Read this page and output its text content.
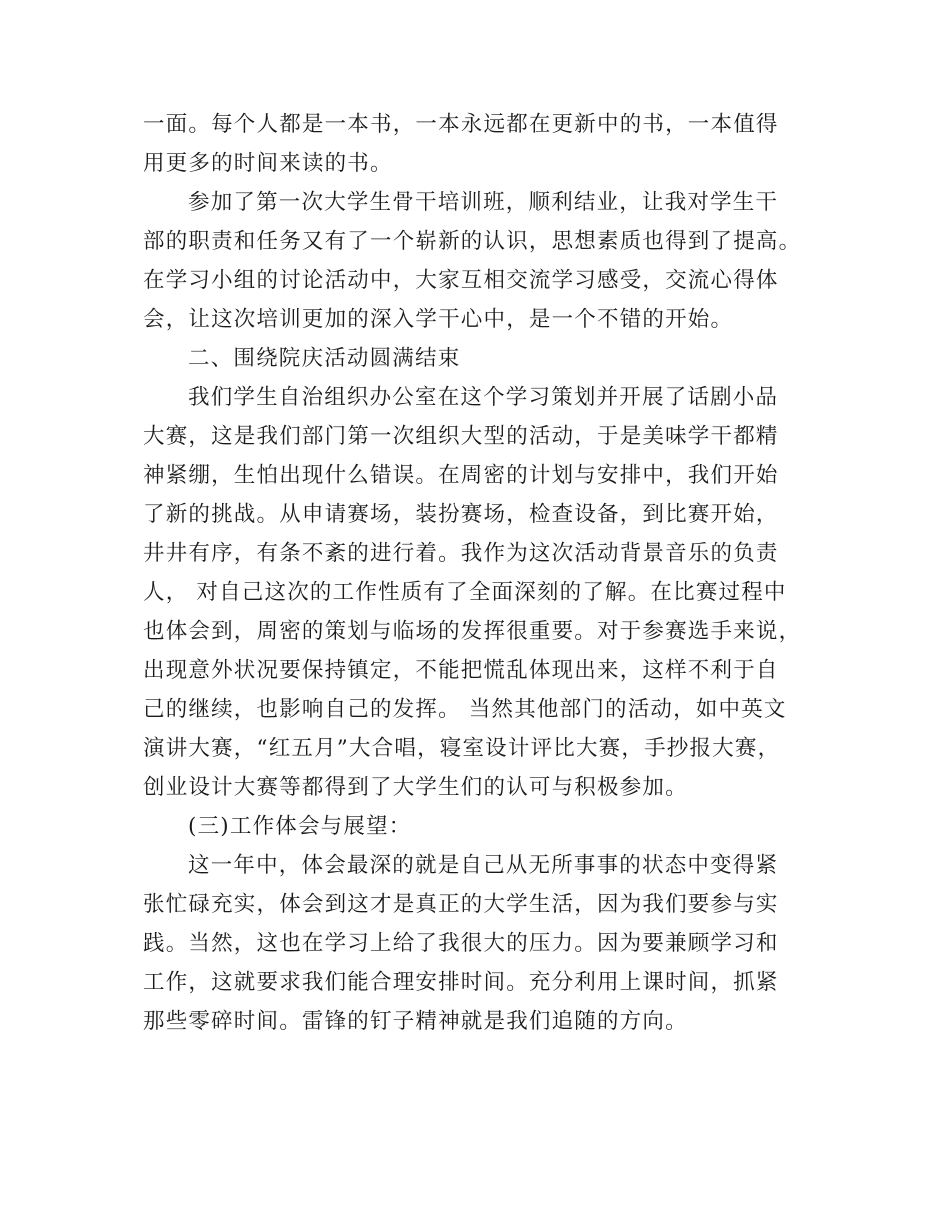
一面。每个人都是一本书，一本永远都在更新中的书，一本值得
用更多的时间来读的书。
参加了第一次大学生骨干培训班，顺利结业，让我对学生干
部的职责和任务又有了一个崭新的认识，思想素质也得到了提高。
在学习小组的讨论活动中，大家互相交流学习感受，交流心得体
会，让这次培训更加的深入学干心中，是一个不错的开始。
二、围绕院庆活动圆满结束
我们学生自治组织办公室在这个学习策划并开展了话剧小品
大赛，这是我们部门第一次组织大型的活动，于是美味学干都精
神紧绷，生怕出现什么错误。在周密的计划与安排中，我们开始
了新的挑战。从申请赛场，装扮赛场，检查设备，到比赛开始，
井井有序，有条不紊的进行着。我作为这次活动背景音乐的负责
人， 对自己这次的工作性质有了全面深刻的了解。在比赛过程中
也体会到，周密的策划与临场的发挥很重要。对于参赛选手来说，
出现意外状况要保持镇定，不能把慌乱体现出来，这样不利于自
己的继续，也影响自己的发挥。 当然其他部门的活动，如中英文
演讲大赛，“红五月”大合唱，寝室设计评比大赛，手抄报大赛，
创业设计大赛等都得到了大学生们的认可与积极参加。
(三)工作体会与展望：
这一年中，体会最深的就是自己从无所事事的状态中变得紧
张忙碌充实，体会到这才是真正的大学生活，因为我们要参与实
践。当然，这也在学习上给了我很大的压力。因为要兼顾学习和
工作，这就要求我们能合理安排时间。充分利用上课时间，抓紧
那些零碎时间。雷锋的钉子精神就是我们追随的方向。
